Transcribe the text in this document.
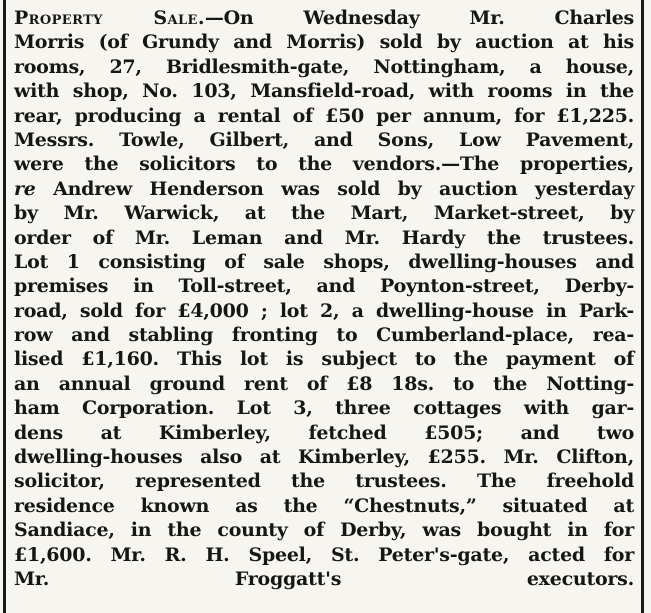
Property Sale.—On Wednesday Mr. Charles
Morris (of Grundy and Morris) sold by auction at his
rooms, 27, Bridlesmith-gate, Nottingham, a house,
with shop, No. 103, Mansfield-road, with rooms in the
rear, producing a rental of £50 per annum, for £1,225.
Messrs. Towle, Gilbert, and Sons, Low Pavement,
were the solicitors to the vendors.—The properties,
re Andrew Henderson was sold by auction yesterday
by Mr. Warwick, at the Mart, Market-street, by
order of Mr. Leman and Mr. Hardy the trustees.
Lot 1 consisting of sale shops, dwelling-houses and
premises in Toll-street, and Poynton-street, Derby-
road, sold for £4,000 ; lot 2, a dwelling-house in Park-
row and stabling fronting to Cumberland-place, rea-
lised £1,160. This lot is subject to the payment of
an annual ground rent of £8 18s. to the Notting-
ham Corporation. Lot 3, three cottages with gar-
dens at Kimberley, fetched £505; and two
dwelling-houses also at Kimberley, £255. Mr. Clifton,
solicitor, represented the trustees. The freehold
residence known as the “Chestnuts,” situated at
Sandiace, in the county of Derby, was bought in for
£1,600. Mr. R. H. Speel, St. Peter's-gate, acted for
Mr. Froggatt's executors.
